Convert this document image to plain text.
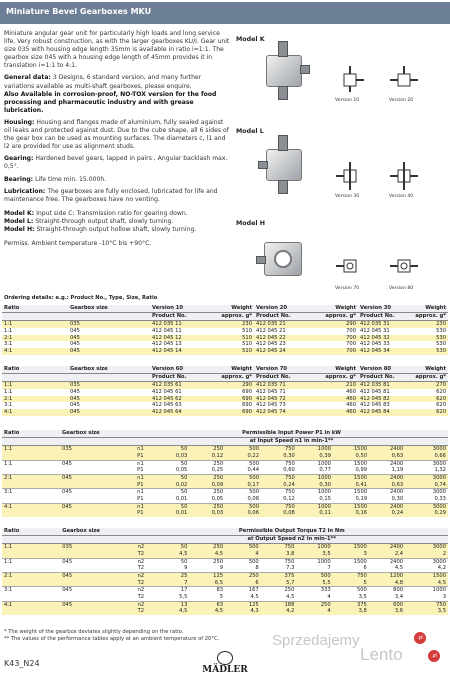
Miniature Bevel Gearboxes MKU

Miniature angular gear unit for particularly high loads and long service life. Very robust construction, as with the larger gearboxes KU/I. Gear unit size 035 with housing edge length 35mm is available in ratio i=1:1. The gearbox size 045 with a housing edge length of 45mm provides it in translation i=1:1 to 4:1.

General data: 3 Designs, 6 standard version, and many further variations available as multi-shaft gearboxes, please enquire.

Also Available in corrosion-proof, NO-TOX version for the food processing and pharmaceutic industry and with grease lubrication.

Housing: Housing and flanges made of aluminium, fully sealed against oil leaks and protected against dust. Due to the cube shape, all 6 sides of the gear box can be used as mounting surfaces. The diameters c, l1 and l2 are provided for use as alignment studs.

Gearing: Hardened bevel gears, lapped in pairs , Angular backlash max. 0,5°.

Bearing: Life time min. 15.000h.

Lubrication: The gearboxes are fully enclosed, lubricated for life and maintenance free. The gearboxes have no venting.

Model K: Input side C: Transmission ratio for gearing down.
Model L: Straight-through output shaft, slowly turning.
Model H: Straight-through output hollow shaft, slowly turning.

Permiss. Ambient temperature -10°C bis +90°C.

Model K
Version 10	Version 20
Model L
Version 30	Version 40
Model H
Version 70	Version 80
Ordering details: e.g.: Product No., Type, Size, Ratio
Ratio	Gearbox size	Version 10	Weight	Version 20	Weight	Version 30	Weight
		Product No.	approx. g*	Product No.	approx. g*	Product No.	approx. g*
1:1	035	412 035 11	230	412 035 21	290	412 035 31	230
1:1	045	412 045 11	510	412 045 21	700	412 045 31	530
2:1	045	412 045 12	510	412 045 22	700	412 045 32	530
3:1	045	412 045 13	510	412 045 23	700	412 045 33	530
4:1	045	412 045 14	510	412 045 24	700	412 045 34	530
Ratio	Gearbox size	Version 60	Weight	Version 70	Weight	Version 80	Weight
		Product No.	approx. g*	Product No.	approx. g*	Product No.	approx. g*
1:1	035	412 035 61	290	412 035 71	210	412 035 81	270
1:1	045	412 045 61	690	412 045 71	460	412 045 81	620
2:1	045	412 045 62	690	412 045 72	460	412 045 82	620
3:1	045	412 045 63	690	412 045 73	460	412 045 83	620
4:1	045	412 045 64	690	412 045 74	460	412 045 84	620
Ratio	Gearbox size	Permissible Input Power P1 in kW								
		at Input Speed n1 in min-1**								
1:1	035	n1	50	250	500	750	1000	1500	2400	3000
		P1	0,03	0,12	0,22	0,30	0,39	0,50	0,63	0,66
1:1	045	n1	50	250	500	750	1000	1500	2400	3000
		P1	0,05	0,25	0,44	0,60	0,77	0,99	1,19	1,32
2:1	045	n1	50	250	500	750	1000	1500	2400	3000
		P1	0,02	0,09	0,17	0,24	0,30	0,41	0,63	0,74
3:1	045	n1	50	250	500	750	1000	1500	2400	3000
		P1	0,01	0,05	0,08	0,12	0,15	0,19	0,30	0,33
4:1	045	n1	50	250	500	750	1000	1500	2400	3000
		P1	0,01	0,03	0,06	0,08	0,11	0,16	0,24	0,29
Ratio	Gearbox size	Permissible Output Torque T2 in Nm								
		at Output Speed n2 in min-1**								
1:1	035	n2	50	250	500	750	1000	1500	2400	3000
		T2	4,5	4,5	4	3,8	3,5	3	2,4	2
1:1	045	n2	50	250	500	750	1000	1500	2400	3000
		T2	9	9	8	7,3	7	6	4,5	4,2
2:1	045	n2	25	125	250	375	500	750	1200	1500
		T2	7	6,5	6	5,7	5,5	5	4,8	4,5
3:1	045	n2	17	83	167	250	333	500	800	1000
		T2	5,5	5	4,5	4,5	4	3,5	3,4	3
4:1	045	n2	13	63	125	188	250	375	600	750
		T2	4,5	4,5	4,3	4,2	4	3,8	3,6	3,5
* The weight of the gearbox deviates slightly depending on the ratio.
** The values of the performance tables apply at an ambient temperature of 20°C.
K43_N24
MÄDLER
Sprzedajemy	.pl
Lento	.pl
